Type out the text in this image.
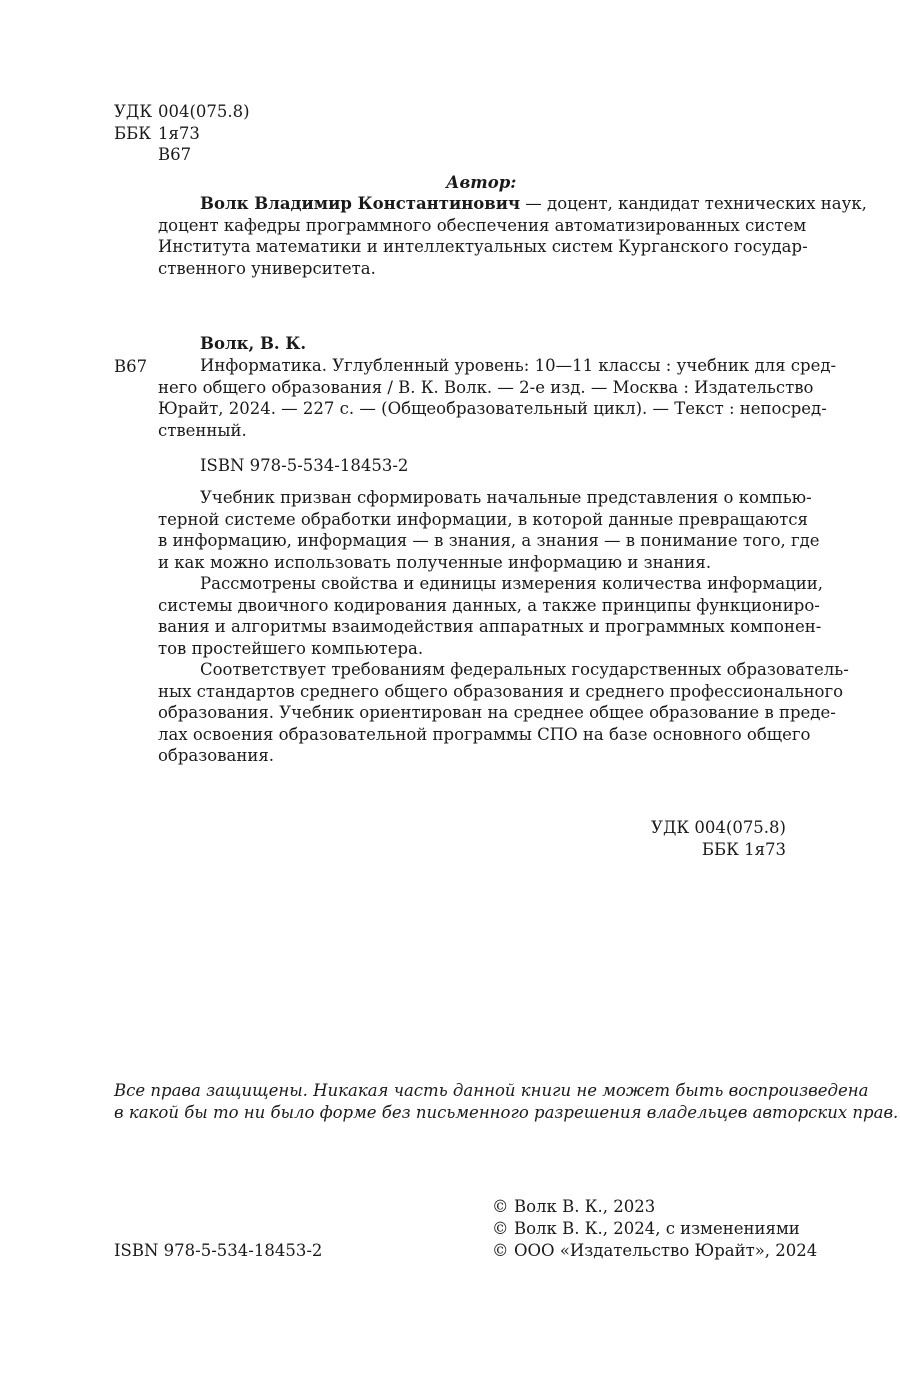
УДК 004(075.8)
ББК 1я73
В67
Автор:
Волк Владимир Константинович — доцент, кандидат технических наук,
доцент кафедры программного обеспечения автоматизированных систем
Института математики и интеллектуальных систем Курганского государ-
ственного университета.
Волк, В. К.
В67	Информатика. Углубленный уровень: 10—11 классы : учебник для сред-
него общего образования / В. К. Волк. — 2-е изд. — Москва : Издательство
Юрайт, 2024. — 227 с. — (Общеобразовательный цикл). — Текст : непосред-
ственный.
ISBN 978-5-534-18453-2
Учебник призван сформировать начальные представления о компью-
терной системе обработки информации, в которой данные превращаются
в информацию, информация — в знания, а знания — в понимание того, где
и как можно использовать полученные информацию и знания.
Рассмотрены свойства и единицы измерения количества информации,
системы двоичного кодирования данных, а также принципы функциониро-
вания и алгоритмы взаимодействия аппаратных и программных компонен-
тов простейшего компьютера.
Соответствует требованиям федеральных государственных образователь-
ных стандартов среднего общего образования и среднего профессионального
образования. Учебник ориентирован на среднее общее образование в преде-
лах освоения образовательной программы СПО на базе основного общего
образования.
УДК 004(075.8)
ББК 1я73
Все права защищены. Никакая часть данной книги не может быть воспроизведена
в какой бы то ни было форме без письменного разрешения владельцев авторских прав.
ISBN 978-5-534-18453-2
© Волк В. К., 2023
© Волк В. К., 2024, с изменениями
© ООО «Издательство Юрайт», 2024
